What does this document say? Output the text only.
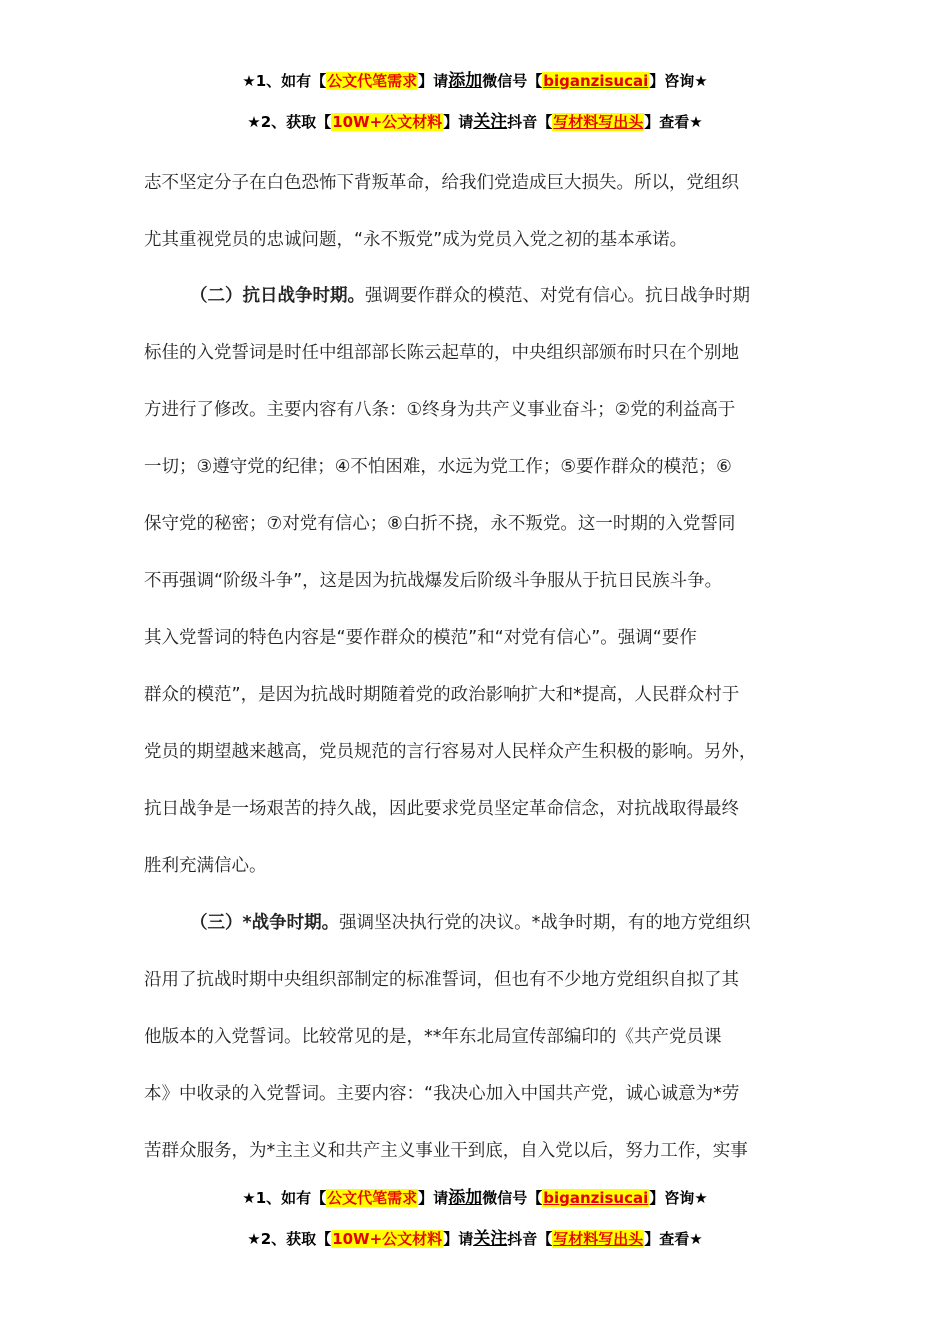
★1、如有【公文代笔需求】请添加微信号【biganzisucai】咨询★
★2、获取【10W+公文材料】请关注抖音【写材料写出头】查看★
志不坚定分子在白色恐怖下背叛革命，给我们党造成巨大损失。所以，党组织
尤其重视党员的忠诚问题，“永不叛党”成为党员入党之初的基本承诺。
（二）抗日战争时期。强调要作群众的模范、对党有信心。抗日战争时期
标佳的入党誓词是时任中组部部长陈云起草的，中央组织部颁布时只在个别地
方进行了修改。主要内容有八条：①终身为共产义事业奋斗；②党的利益高于
一切；③遵守党的纪律；④不怕困难，水远为党工作；⑤要作群众的模范；⑥
保守党的秘密；⑦对党有信心；⑧白折不挠，永不叛党。这一时期的入党誓同
不再强调“阶级斗争”，这是因为抗战爆发后阶级斗争服从于抗日民族斗争。
其入党誓词的特色内容是“要作群众的模范”和“对党有信心”。强调“要作
群众的模范”，是因为抗战时期随着党的政治影响扩大和*提高，人民群众村于
党员的期望越来越高，党员规范的言行容易对人民样众产生积极的影响。另外，
抗日战争是一场艰苦的持久战，因此要求党员坚定革命信念，对抗战取得最终
胜利充满信心。
（三）*战争时期。强调坚决执行党的决议。*战争时期，有的地方党组织
沿用了抗战时期中央组织部制定的标准誓词，但也有不少地方党组织自拟了其
他版本的入党誓词。比较常见的是，**年东北局宣传部编印的《共产党员课
本》中收录的入党誓词。主要内容：“我决心加入中国共产党，诚心诚意为*劳
苦群众服务，为*主主义和共产主义事业干到底，自入党以后，努力工作，实事
★1、如有【公文代笔需求】请添加微信号【biganzisucai】咨询★
★2、获取【10W+公文材料】请关注抖音【写材料写出头】查看★
